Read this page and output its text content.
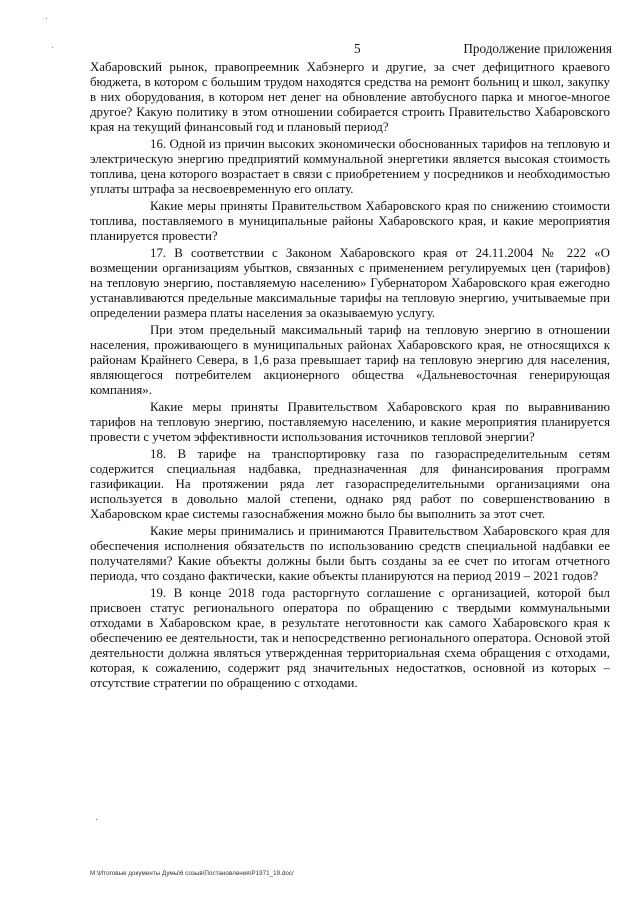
5	Продолжение приложения

Хабаровский рынок, правопреемник Хабэнерго и другие, за счет дефицитного краевого бюджета, в котором с большим трудом находятся средства на ремонт больниц и школ, закупку в них оборудования, в котором нет денег на обновление автобусного парка и многое-многое другое? Какую политику в этом отношении собирается строить Правительство Хабаровского края на текущий финансовый год и плановый период?

16. Одной из причин высоких экономически обоснованных тарифов на тепловую и электрическую энергию предприятий коммунальной энергетики является высокая стоимость топлива, цена которого возрастает в связи с приобретением у посредников и необходимостью уплаты штрафа за несвоевременную его оплату.

Какие меры приняты Правительством Хабаровского края по снижению стоимости топлива, поставляемого в муниципальные районы Хабаровского края, и какие мероприятия планируется провести?

17. В соответствии с Законом Хабаровского края от 24.11.2004 № 222 «О возмещении организациям убытков, связанных с применением регулируемых цен (тарифов) на тепловую энергию, поставляемую населению» Губернатором Хабаровского края ежегодно устанавливаются предельные максимальные тарифы на тепловую энергию, учитываемые при определении размера платы населения за оказываемую услугу.

При этом предельный максимальный тариф на тепловую энергию в отношении населения, проживающего в муниципальных районах Хабаровского края, не относящихся к районам Крайнего Севера, в 1,6 раза превышает тариф на тепловую энергию для населения, являющегося потребителем акционерного общества «Дальневосточная генерирующая компания».

Какие меры приняты Правительством Хабаровского края по выравниванию тарифов на тепловую энергию, поставляемую населению, и какие мероприятия планируется провести с учетом эффективности использования источников тепловой энергии?

18. В тарифе на транспортировку газа по газораспределительным сетям содержится специальная надбавка, предназначенная для финансирования программ газификации. На протяжении ряда лет газораспределительными организациями она используется в довольно малой степени, однако ряд работ по совершенствованию в Хабаровском крае системы газоснабжения можно было бы выполнить за этот счет.

Какие меры принимались и принимаются Правительством Хабаровского края для обеспечения исполнения обязательств по использованию средств специальной надбавки ее получателями? Какие объекты должны были быть созданы за ее счет по итогам отчетного периода, что создано фактически, какие объекты планируются на период 2019 – 2021 годов?

19. В конце 2018 года расторгнуто соглашение с организацией, которой был присвоен статус регионального оператора по обращению с твердыми коммунальными отходами в Хабаровском крае, в результате неготовности как самого Хабаровского края к обеспечению ее деятельности, так и непосредственно регионального оператора. Основой этой деятельности должна являться утвержденная территориальная схема обращения с отходами, которая, к сожалению, содержит ряд значительных недостатков, основной из которых – отсутствие стратегии по обращению с отходами.

М:\Итоговые документы Думы\6 созыв\Постановления\P1971_19.doc/
